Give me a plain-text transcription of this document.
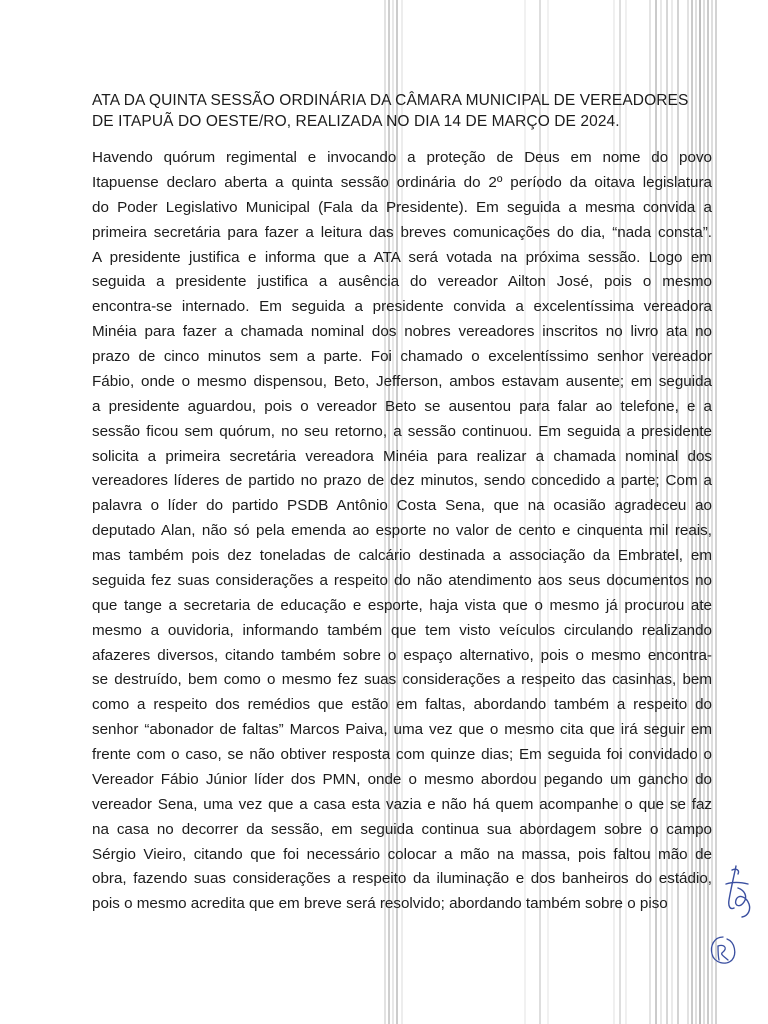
ATA DA QUINTA SESSÃO ORDINÁRIA DA CÂMARA MUNICIPAL DE VEREADORES
DE ITAPUÃ DO OESTE/RO, REALIZADA NO DIA 14 DE MARÇO DE 2024.
Havendo quórum regimental e invocando a proteção de Deus em nome do povo
Itapuense declaro aberta a quinta sessão ordinária do 2º período da oitava legislatura
do Poder Legislativo Municipal (Fala da Presidente). Em seguida a mesma convida a
primeira secretária para fazer a leitura das breves comunicações do dia, “nada consta”.
A presidente justifica e informa que a ATA será votada na próxima sessão. Logo em
seguida a presidente justifica a ausência do vereador Ailton José, pois o mesmo
encontra-se internado. Em seguida a presidente convida a excelentíssima vereadora
Minéia para fazer a chamada nominal dos nobres vereadores inscritos no livro ata no
prazo de cinco minutos sem a parte. Foi chamado o excelentíssimo senhor vereador
Fábio, onde o mesmo dispensou, Beto, Jefferson, ambos estavam ausente; em seguida
a presidente aguardou, pois o vereador Beto se ausentou para falar ao telefone, e a
sessão ficou sem quórum, no seu retorno, a sessão continuou. Em seguida a presidente
solicita a primeira secretária vereadora Minéia para realizar a chamada nominal dos
vereadores líderes de partido no prazo de dez minutos, sendo concedido a parte; Com a
palavra o líder do partido PSDB Antônio Costa Sena, que na ocasião agradeceu ao
deputado Alan, não só pela emenda ao esporte no valor de cento e cinquenta mil reais,
mas também pois dez toneladas de calcário destinada a associação da Embratel, em
seguida fez suas considerações a respeito do não atendimento aos seus documentos no
que tange a secretaria de educação e esporte, haja vista que o mesmo já procurou ate
mesmo a ouvidoria, informando também que tem visto veículos circulando realizando
afazeres diversos, citando também sobre o espaço alternativo, pois o mesmo encontra-
se destruído, bem como o mesmo fez suas considerações a respeito das casinhas, bem
como a respeito dos remédios que estão em faltas, abordando também a respeito do
senhor “abonador de faltas” Marcos Paiva, uma vez que o mesmo cita que irá seguir em
frente com o caso, se não obtiver resposta com quinze dias; Em seguida foi convidado o
Vereador Fábio Júnior líder dos PMN, onde o mesmo abordou pegando um gancho do
vereador Sena, uma vez que a casa esta vazia e não há quem acompanhe o que se faz
na casa no decorrer da sessão, em seguida continua sua abordagem sobre o campo
Sérgio Vieiro, citando que foi necessário colocar a mão na massa, pois faltou mão de
obra, fazendo suas considerações a respeito da iluminação e dos banheiros do estádio,
pois o mesmo acredita que em breve será resolvido; abordando também sobre o piso
